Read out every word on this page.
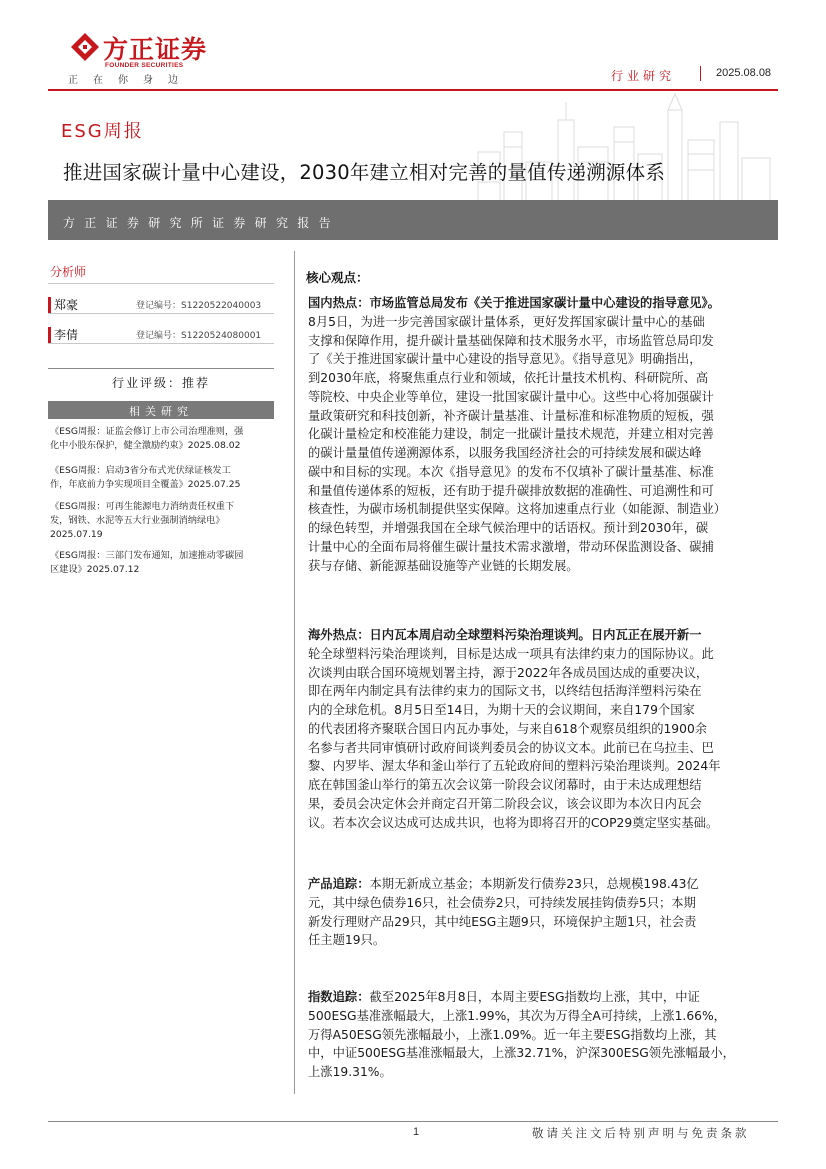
方正证券
FOUNDER SECURITIES
正在你身边	行业研究	2025.08.08
ESG周报
推进国家碳计量中心建设，2030年建立相对完善的量值传递溯源体系
方正证券研究所证券研究报告
分析师
郑豪	登记编号：S1220522040003
李倩	登记编号：S1220524080001
行业评级：推荐
相关研究
《ESG周报：证监会修订上市公司治理准则，强
化中小股东保护，健全激励约束》2025.08.02
《ESG周报：启动3省分布式光伏绿证核发工
作，年底前力争实现项目全覆盖》2025.07.25
《ESG周报：可再生能源电力消纳责任权重下
发，钢铁、水泥等五大行业强制消纳绿电》
2025.07.19
《ESG周报：三部门发布通知，加速推动零碳园
区建设》2025.07.12
核心观点：
国内热点：市场监管总局发布《关于推进国家碳计量中心建设的指导意见》。
8月5日，为进一步完善国家碳计量体系，更好发挥国家碳计量中心的基础
支撑和保障作用，提升碳计量基础保障和技术服务水平，市场监管总局印发
了《关于推进国家碳计量中心建设的指导意见》。《指导意见》明确指出，
到2030年底，将聚焦重点行业和领域，依托计量技术机构、科研院所、高
等院校、中央企业等单位，建设一批国家碳计量中心。这些中心将加强碳计
量政策研究和科技创新，补齐碳计量基准、计量标准和标准物质的短板，强
化碳计量检定和校准能力建设，制定一批碳计量技术规范，并建立相对完善
的碳计量量值传递溯源体系，以服务我国经济社会的可持续发展和碳达峰
碳中和目标的实现。本次《指导意见》的发布不仅填补了碳计量基准、标准
和量值传递体系的短板，还有助于提升碳排放数据的准确性、可追溯性和可
核查性，为碳市场机制提供坚实保障。这将加速重点行业（如能源、制造业）
的绿色转型，并增强我国在全球气候治理中的话语权。预计到2030年，碳
计量中心的全面布局将催生碳计量技术需求激增，带动环保监测设备、碳捕
获与存储、新能源基础设施等产业链的长期发展。
海外热点：日内瓦本周启动全球塑料污染治理谈判。日内瓦正在展开新一
轮全球塑料污染治理谈判，目标是达成一项具有法律约束力的国际协议。此
次谈判由联合国环境规划署主持，源于2022年各成员国达成的重要决议，
即在两年内制定具有法律约束力的国际文书，以终结包括海洋塑料污染在
内的全球危机。8月5日至14日，为期十天的会议期间，来自179个国家
的代表团将齐聚联合国日内瓦办事处，与来自618个观察员组织的1900余
名参与者共同审慎研讨政府间谈判委员会的协议文本。此前已在乌拉圭、巴
黎、内罗毕、渥太华和釜山举行了五轮政府间的塑料污染治理谈判。2024年
底在韩国釜山举行的第五次会议第一阶段会议闭幕时，由于未达成理想结
果，委员会决定休会并商定召开第二阶段会议，该会议即为本次日内瓦会
议。若本次会议达成可达成共识，也将为即将召开的COP29奠定坚实基础。
产品追踪：本期无新成立基金；本期新发行债券23只，总规模198.43亿
元，其中绿色债券16只，社会债券2只，可持续发展挂钩债券5只；本期
新发行理财产品29只，其中纯ESG主题9只，环境保护主题1只，社会责
任主题19只。
指数追踪：截至2025年8月8日，本周主要ESG指数均上涨，其中，中证
500ESG基准涨幅最大，上涨1.99%，其次为万得全A可持续，上涨1.66%，
万得A50ESG领先涨幅最小，上涨1.09%。近一年主要ESG指数均上涨，其
中，中证500ESG基准涨幅最大，上涨32.71%，沪深300ESG领先涨幅最小，
上涨19.31%。
1	敬请关注文后特别声明与免责条款
